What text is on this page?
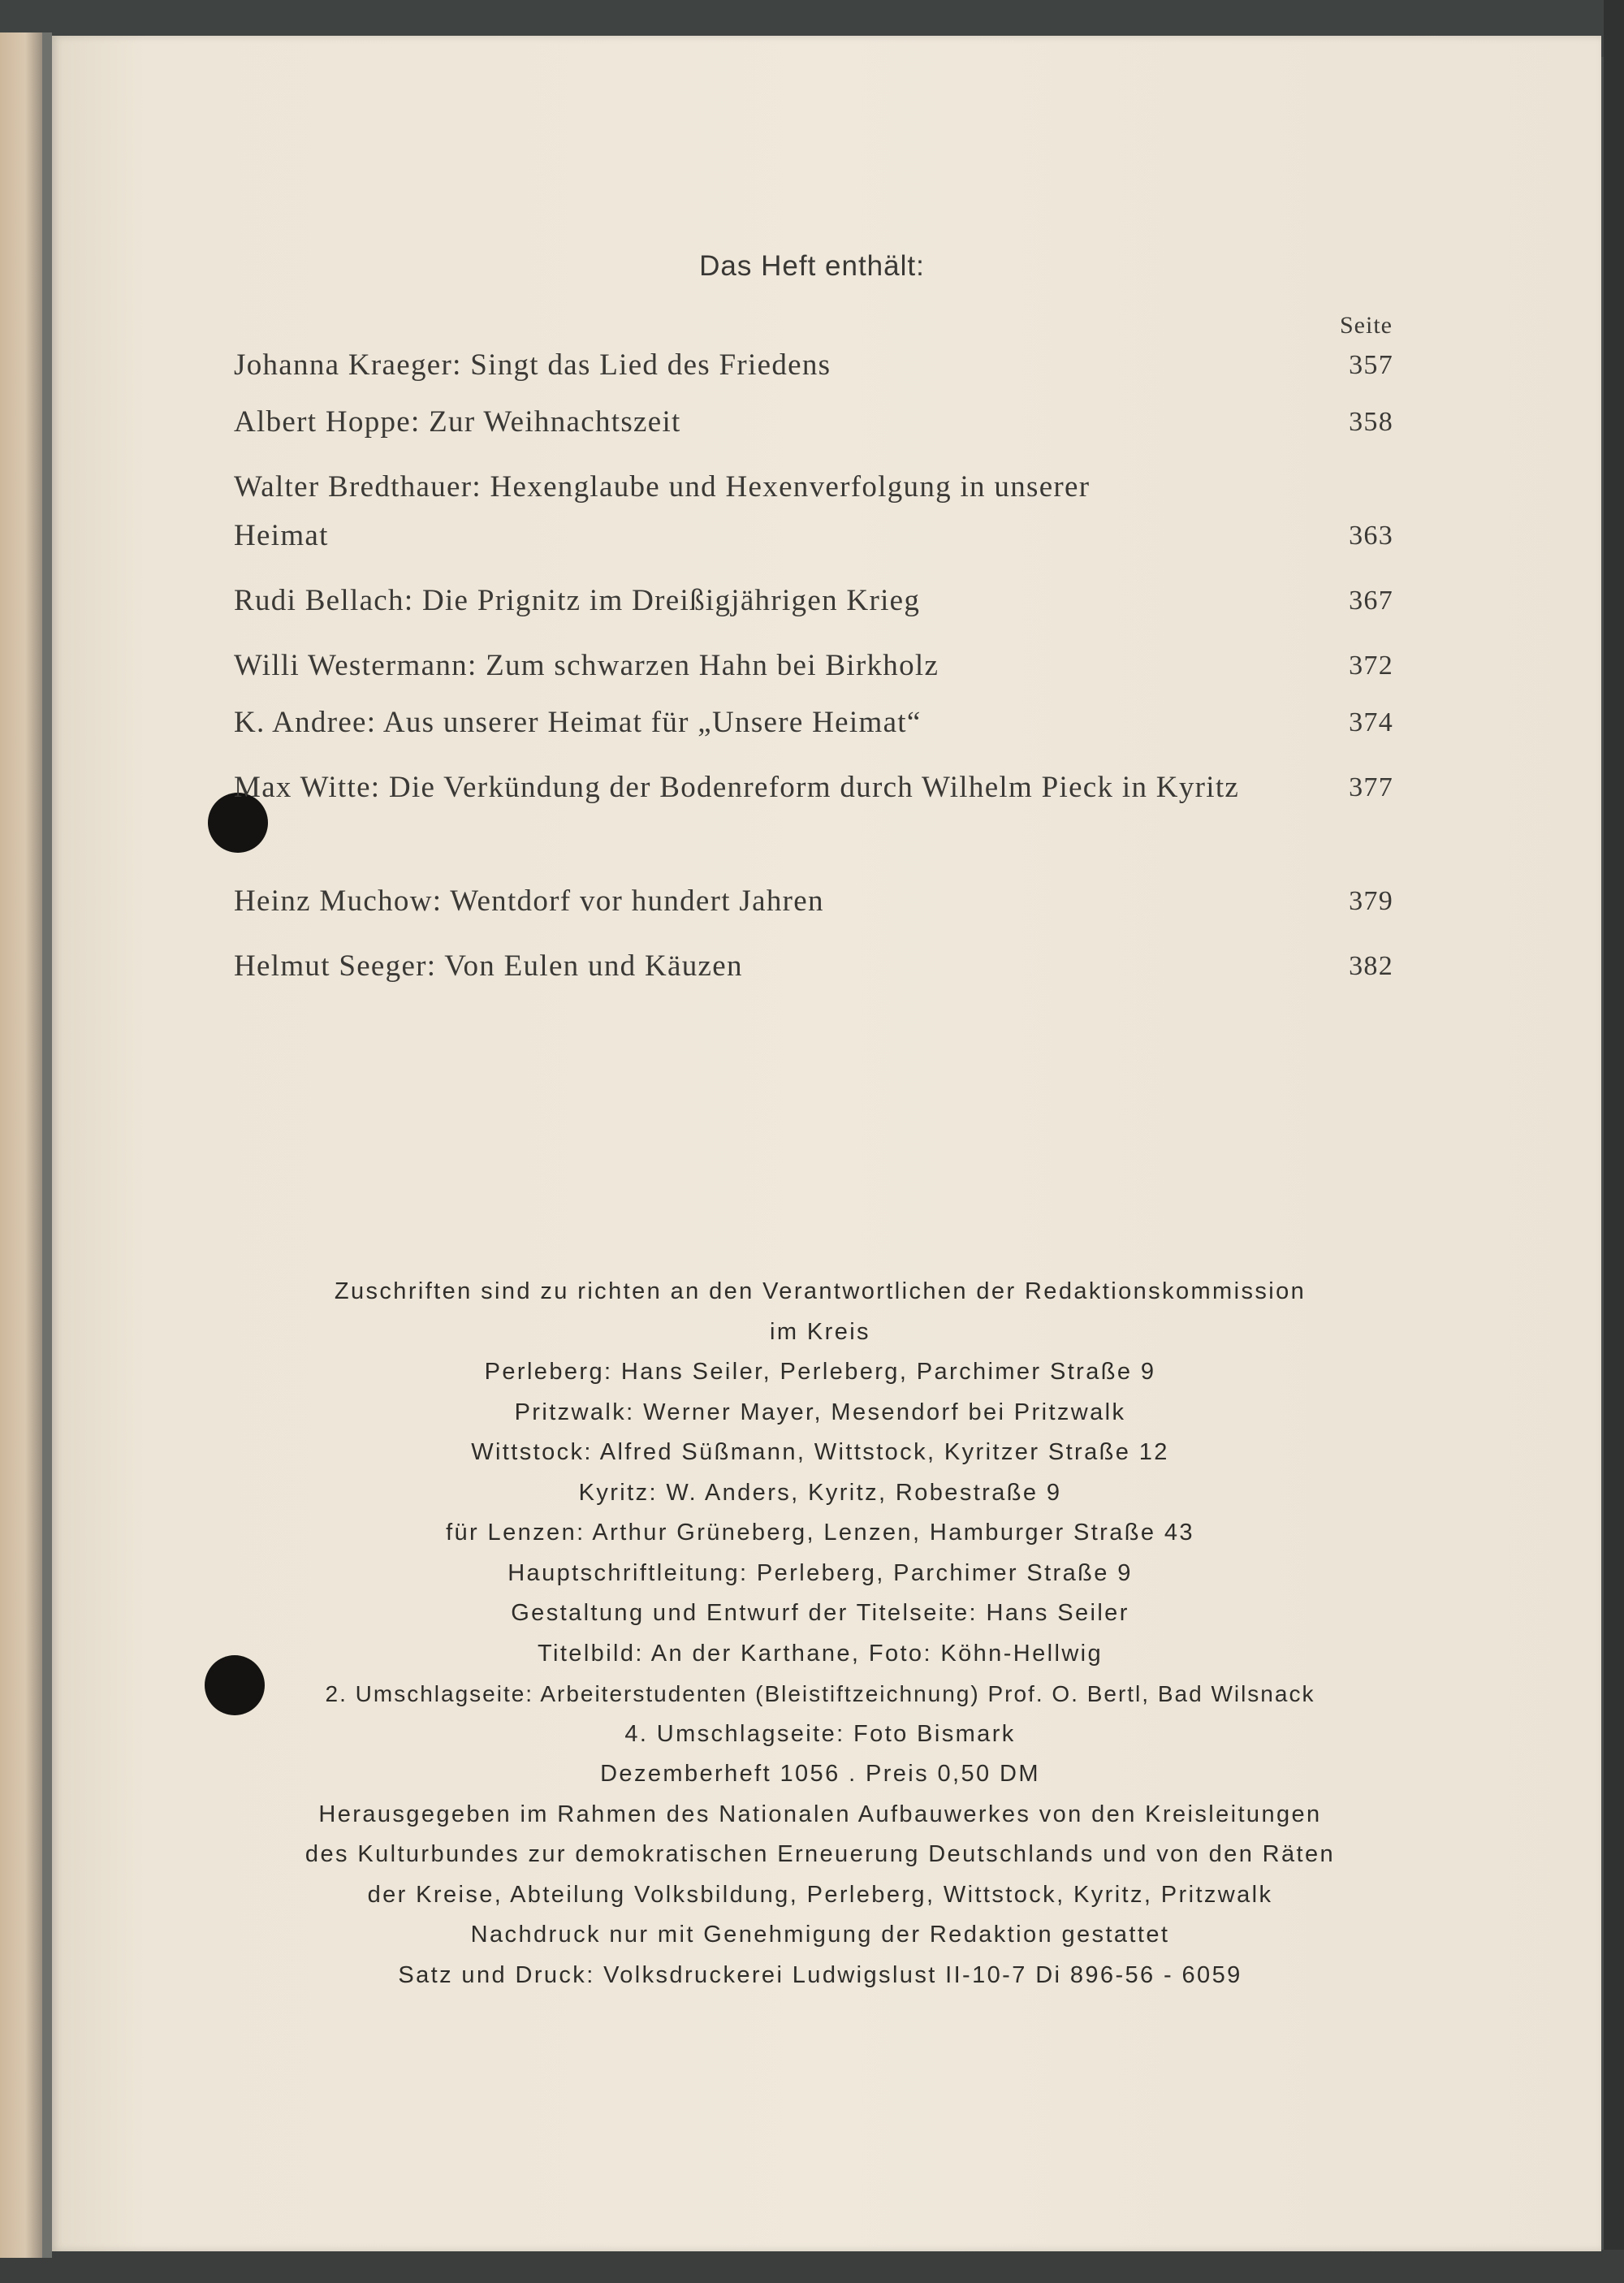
Das Heft enthält:
Seite
Johanna Kraeger: Singt das Lied des Friedens	357
Albert Hoppe: Zur Weihnachtszeit	358
Walter Bredthauer: Hexenglaube und Hexenverfolgung in unserer Heimat	363
Rudi Bellach: Die Prignitz im Dreißigjährigen Krieg	367
Willi Westermann: Zum schwarzen Hahn bei Birkholz	372
K. Andree: Aus unserer Heimat für „Unsere Heimat“	374
Max Witte: Die Verkündung der Bodenreform durch Wilhelm Pieck in Kyritz	377
Heinz Muchow: Wentdorf vor hundert Jahren	379
Helmut Seeger: Von Eulen und Käuzen	382
Zuschriften sind zu richten an den Verantwortlichen der Redaktionskommission
im Kreis
Perleberg: Hans Seiler, Perleberg, Parchimer Straße 9
Pritzwalk: Werner Mayer, Mesendorf bei Pritzwalk
Wittstock: Alfred Süßmann, Wittstock, Kyritzer Straße 12
Kyritz: W. Anders, Kyritz, Robestraße 9
für Lenzen: Arthur Grüneberg, Lenzen, Hamburger Straße 43
Hauptschriftleitung: Perleberg, Parchimer Straße 9
Gestaltung und Entwurf der Titelseite: Hans Seiler
Titelbild: An der Karthane, Foto: Köhn-Hellwig
2. Umschlagseite: Arbeiterstudenten (Bleistiftzeichnung) Prof. O. Bertl, Bad Wilsnack
4. Umschlagseite: Foto Bismark
Dezemberheft 1056 . Preis 0,50 DM
Herausgegeben im Rahmen des Nationalen Aufbauwerkes von den Kreisleitungen
des Kulturbundes zur demokratischen Erneuerung Deutschlands und von den Räten
der Kreise, Abteilung Volksbildung, Perleberg, Wittstock, Kyritz, Pritzwalk
Nachdruck nur mit Genehmigung der Redaktion gestattet
Satz und Druck: Volksdruckerei Ludwigslust II-10-7 Di 896-56 - 6059
